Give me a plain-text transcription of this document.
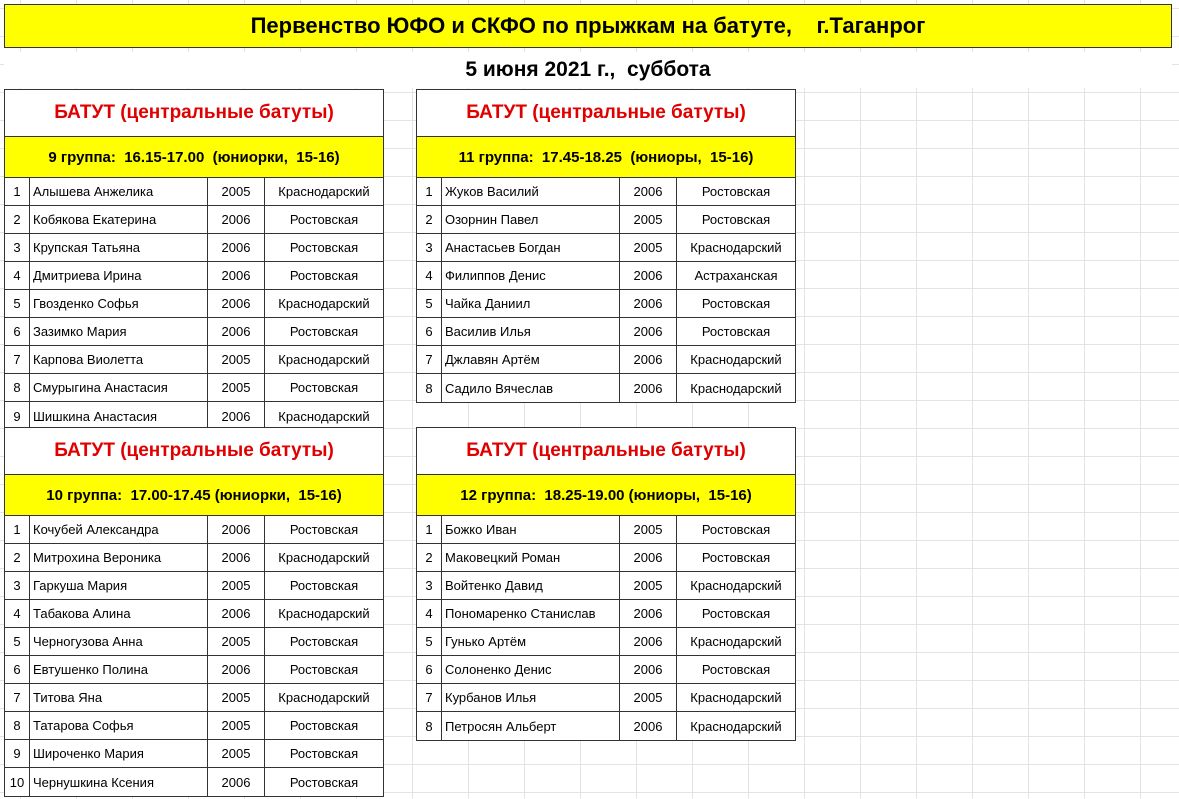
Первенство ЮФО и СКФО по прыжкам на батуте,    г.Таганрог
5 июня 2021 г.,  суббота
БАТУТ (центральные батуты)
9 группа:  16.15-17.00  (юниорки,  15-16)
1 Алышева Анжелика	2005	Краснодарский
2 Кобякова Екатерина	2006	Ростовская
3 Крупская Татьяна	2006	Ростовская
4 Дмитриева Ирина	2006	Ростовская
5 Гвозденко Софья	2006	Краснодарский
6 Зазимко Мария	2006	Ростовская
7 Карпова Виолетта	2005	Краснодарский
8 Смурыгина Анастасия	2005	Ростовская
9 Шишкина Анастасия	2006	Краснодарский
БАТУТ (центральные батуты)
11 группа:  17.45-18.25  (юниоры,  15-16)
1 Жуков Василий	2006	Ростовская
2 Озорнин Павел	2005	Ростовская
3 Анастасьев Богдан	2005	Краснодарский
4 Филиппов Денис	2006	Астраханская
5 Чайка Даниил	2006	Ростовская
6 Василив Илья	2006	Ростовская
7 Джлавян Артём	2006	Краснодарский
8 Садило Вячеслав	2006	Краснодарский
БАТУТ (центральные батуты)
10 группа:  17.00-17.45 (юниорки,  15-16)
1 Кочубей Александра	2006	Ростовская
2 Митрохина Вероника	2006	Краснодарский
3 Гаркуша Мария	2005	Ростовская
4 Табакова Алина	2006	Краснодарский
5 Черногузова Анна	2005	Ростовская
6 Евтушенко Полина	2006	Ростовская
7 Титова Яна	2005	Краснодарский
8 Татарова Софья	2005	Ростовская
9 Широченко Мария	2005	Ростовская
10 Чернушкина Ксения	2006	Ростовская
БАТУТ (центральные батуты)
12 группа:  18.25-19.00 (юниоры,  15-16)
1 Божко Иван	2005	Ростовская
2 Маковецкий Роман	2006	Ростовская
3 Войтенко Давид	2005	Краснодарский
4 Пономаренко Станислав	2006	Ростовская
5 Гунько Артём	2006	Краснодарский
6 Солоненко Денис	2006	Ростовская
7 Курбанов Илья	2005	Краснодарский
8 Петросян Альберт	2006	Краснодарский
